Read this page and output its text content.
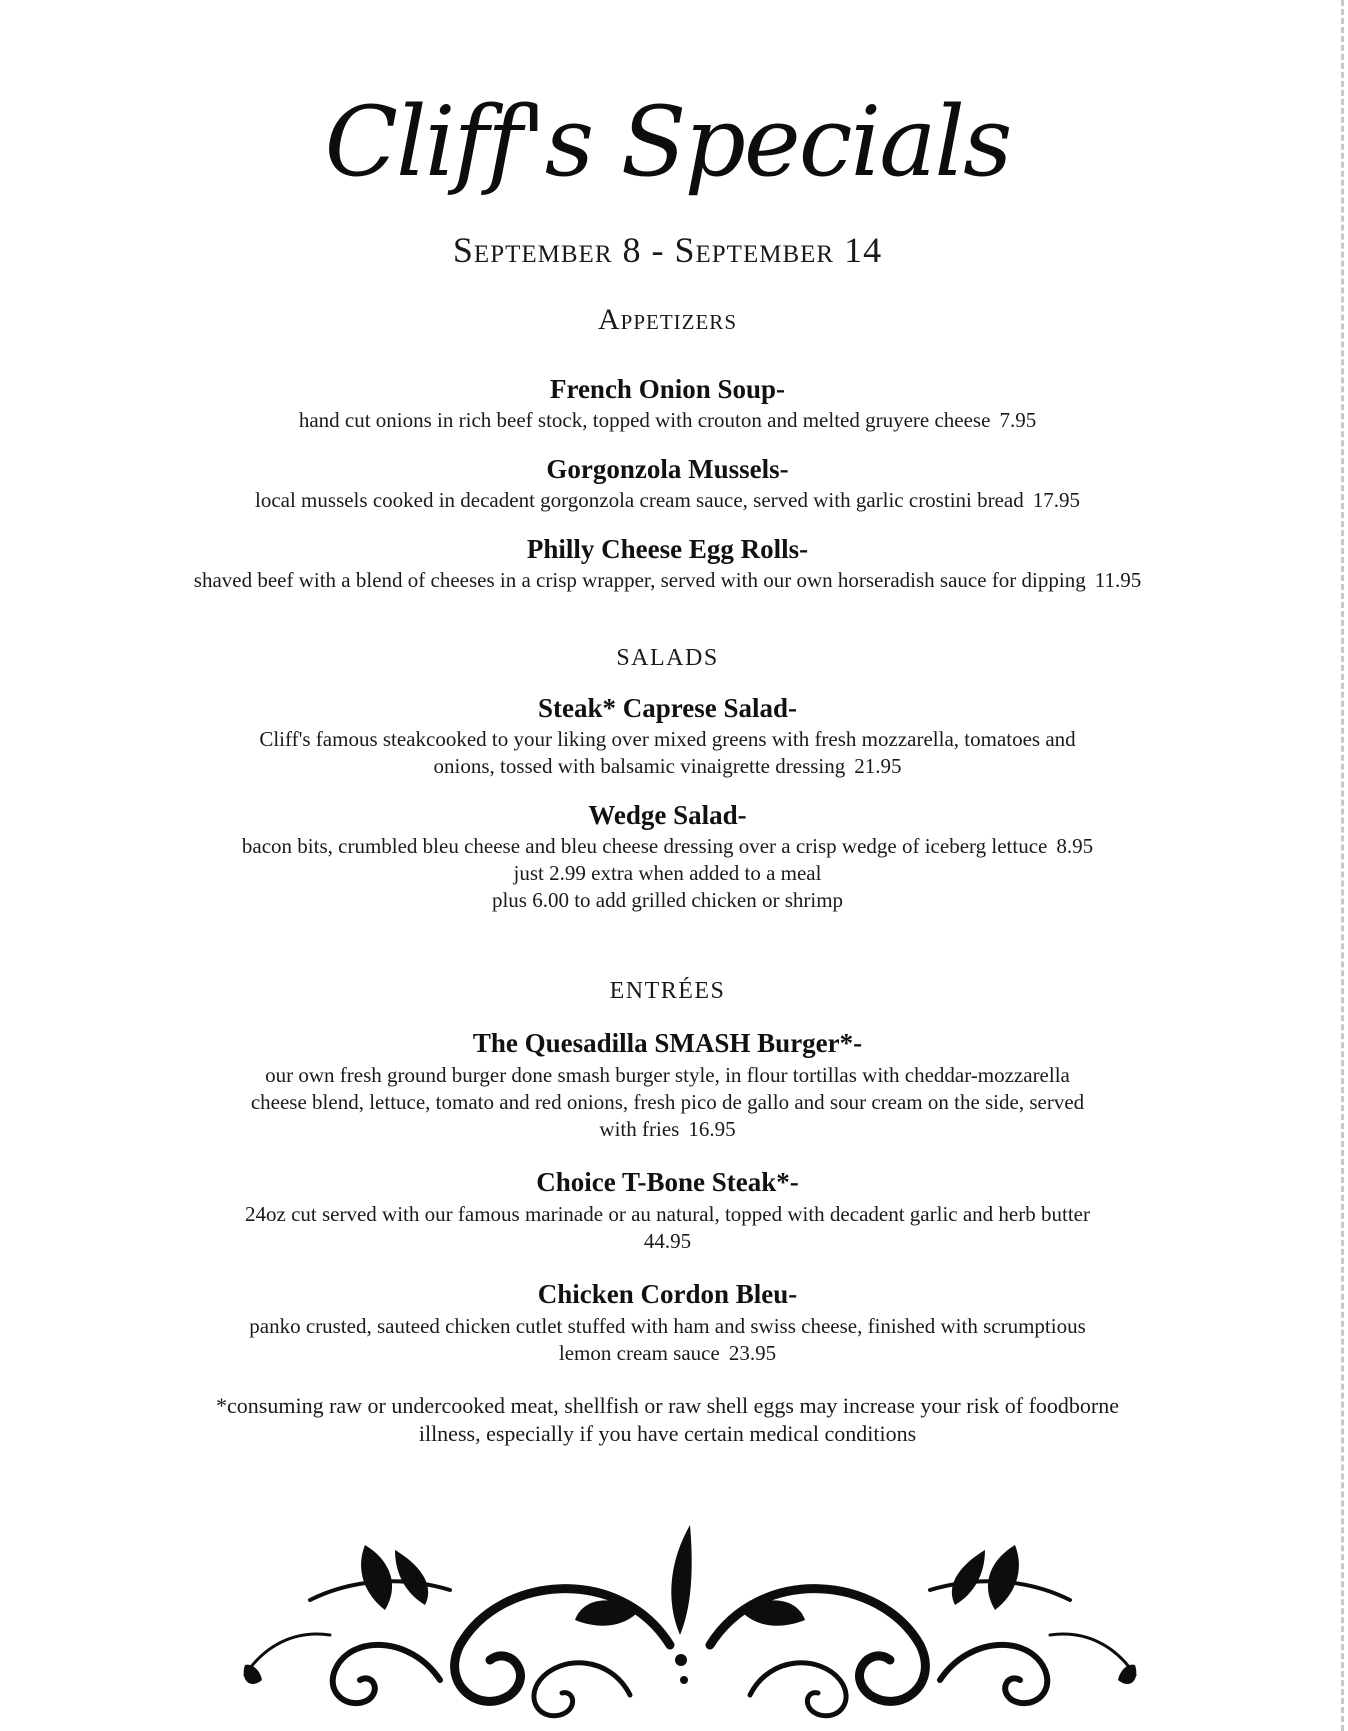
Cliff's Specials
September 8 - September 14
Appetizers
French Onion Soup-
hand cut onions in rich beef stock, topped with crouton and melted gruyere cheese 7.95
Gorgonzola Mussels-
local mussels cooked in decadent gorgonzola cream sauce, served with garlic crostini bread 17.95
Philly Cheese Egg Rolls-
shaved beef with a blend of cheeses in a crisp wrapper, served with our own horseradish sauce for dipping 11.95
SALADS
Steak* Caprese Salad-
Cliff's famous steakcooked to your liking over mixed greens with fresh mozzarella, tomatoes and
onions, tossed with balsamic vinaigrette dressing 21.95
Wedge Salad-
bacon bits, crumbled bleu cheese and bleu cheese dressing over a crisp wedge of iceberg lettuce 8.95
just 2.99 extra when added to a meal
plus 6.00 to add grilled chicken or shrimp
ENTRÉES
The Quesadilla SMASH Burger*-
our own fresh ground burger done smash burger style, in flour tortillas with cheddar-mozzarella
cheese blend, lettuce, tomato and red onions, fresh pico de gallo and sour cream on the side, served
with fries 16.95
Choice T-Bone Steak*-
24oz cut served with our famous marinade or au natural, topped with decadent garlic and herb butter
44.95
Chicken Cordon Bleu-
panko crusted, sauteed chicken cutlet stuffed with ham and swiss cheese, finished with scrumptious
lemon cream sauce 23.95
*consuming raw or undercooked meat, shellfish or raw shell eggs may increase your risk of foodborne
illness, especially if you have certain medical conditions
